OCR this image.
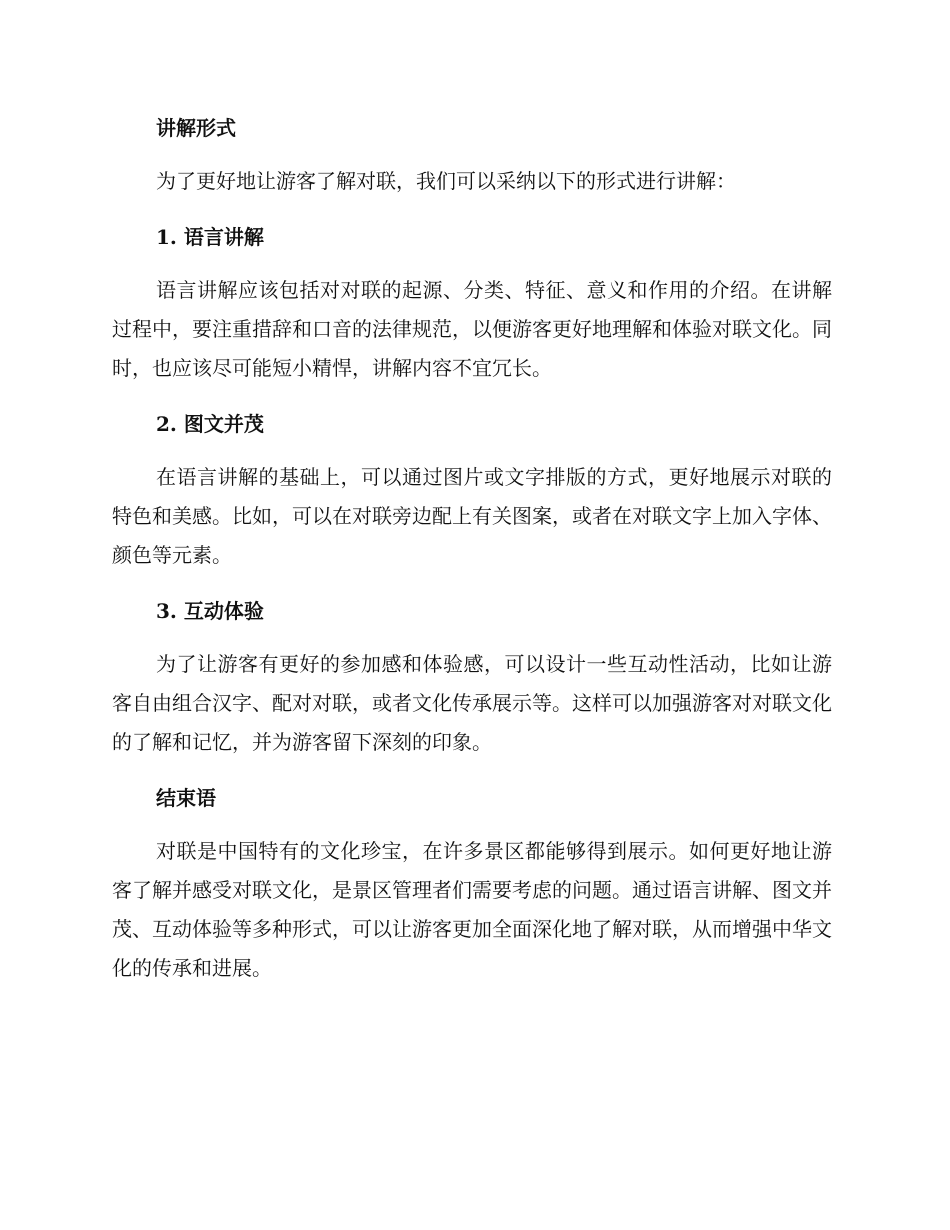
讲解形式

为了更好地让游客了解对联，我们可以采纳以下的形式进行讲解：

1. 语言讲解

语言讲解应该包括对对联的起源、分类、特征、意义和作用的介绍。在讲解过程中，要注重措辞和口音的法律规范，以便游客更好地理解和体验对联文化。同时，也应该尽可能短小精悍，讲解内容不宜冗长。

2. 图文并茂

在语言讲解的基础上，可以通过图片或文字排版的方式，更好地展示对联的特色和美感。比如，可以在对联旁边配上有关图案，或者在对联文字上加入字体、颜色等元素。

3. 互动体验

为了让游客有更好的参加感和体验感，可以设计一些互动性活动，比如让游客自由组合汉字、配对对联，或者文化传承展示等。这样可以加强游客对对联文化的了解和记忆，并为游客留下深刻的印象。

结束语

对联是中国特有的文化珍宝，在许多景区都能够得到展示。如何更好地让游客了解并感受对联文化，是景区管理者们需要考虑的问题。通过语言讲解、图文并茂、互动体验等多种形式，可以让游客更加全面深化地了解对联，从而增强中华文化的传承和进展。
